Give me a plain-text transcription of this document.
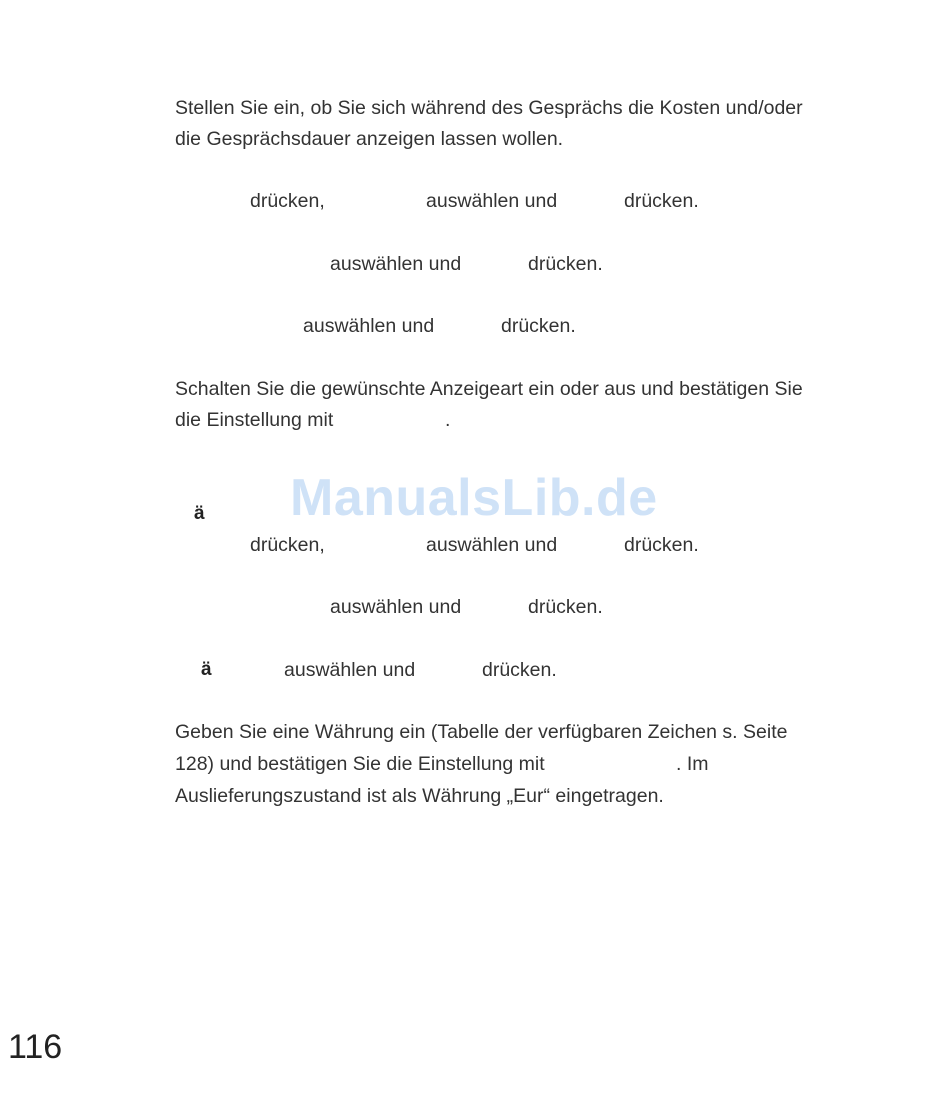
Stellen Sie ein, ob Sie sich während des Gesprächs die Kosten und/oder
die Gesprächsdauer anzeigen lassen wollen.
drücken,	auswählen und	drücken.
auswählen und	drücken.
auswählen und	drücken.
Schalten Sie die gewünschte Anzeigeart ein oder aus und bestätigen Sie
die Einstellung mit	.
ManualsLib.de
ä
drücken,	auswählen und	drücken.
auswählen und	drücken.
ä	auswählen und	drücken.
Geben Sie eine Währung ein (Tabelle der verfügbaren Zeichen s. Seite
128) und bestätigen Sie die Einstellung mit	. Im
Auslieferungszustand ist als Währung „Eur“ eingetragen.
116
